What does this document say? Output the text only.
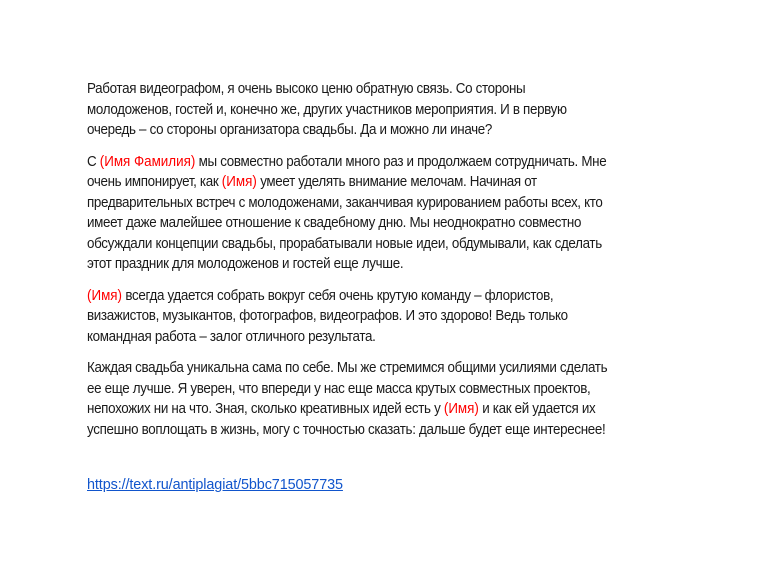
Работая видеографом, я очень высоко ценю обратную связь. Со стороны
молодоженов, гостей и, конечно же, других участников мероприятия. И в первую
очередь – со стороны организатора свадьбы. Да и можно ли иначе?

С (Имя Фамилия) мы совместно работали много раз и продолжаем сотрудничать. Мне
очень импонирует, как (Имя) умеет уделять внимание мелочам. Начиная от
предварительных встреч с молодоженами, заканчивая курированием работы всех, кто
имеет даже малейшее отношение к свадебному дню. Мы неоднократно совместно
обсуждали концепции свадьбы, прорабатывали новые идеи, обдумывали, как сделать
этот праздник для молодоженов и гостей еще лучше.

(Имя) всегда удается собрать вокруг себя очень крутую команду – флористов,
визажистов, музыкантов, фотографов, видеографов. И это здорово! Ведь только
командная работа – залог отличного результата.

Каждая свадьба уникальна сама по себе. Мы же стремимся общими усилиями сделать
ее еще лучше. Я уверен, что впереди у нас еще масса крутых совместных проектов,
непохожих ни на что. Зная, сколько креативных идей есть у (Имя) и как ей удается их
успешно воплощать в жизнь, могу с точностью сказать: дальше будет еще интереснее!

https://text.ru/antiplagiat/5bbc715057735
